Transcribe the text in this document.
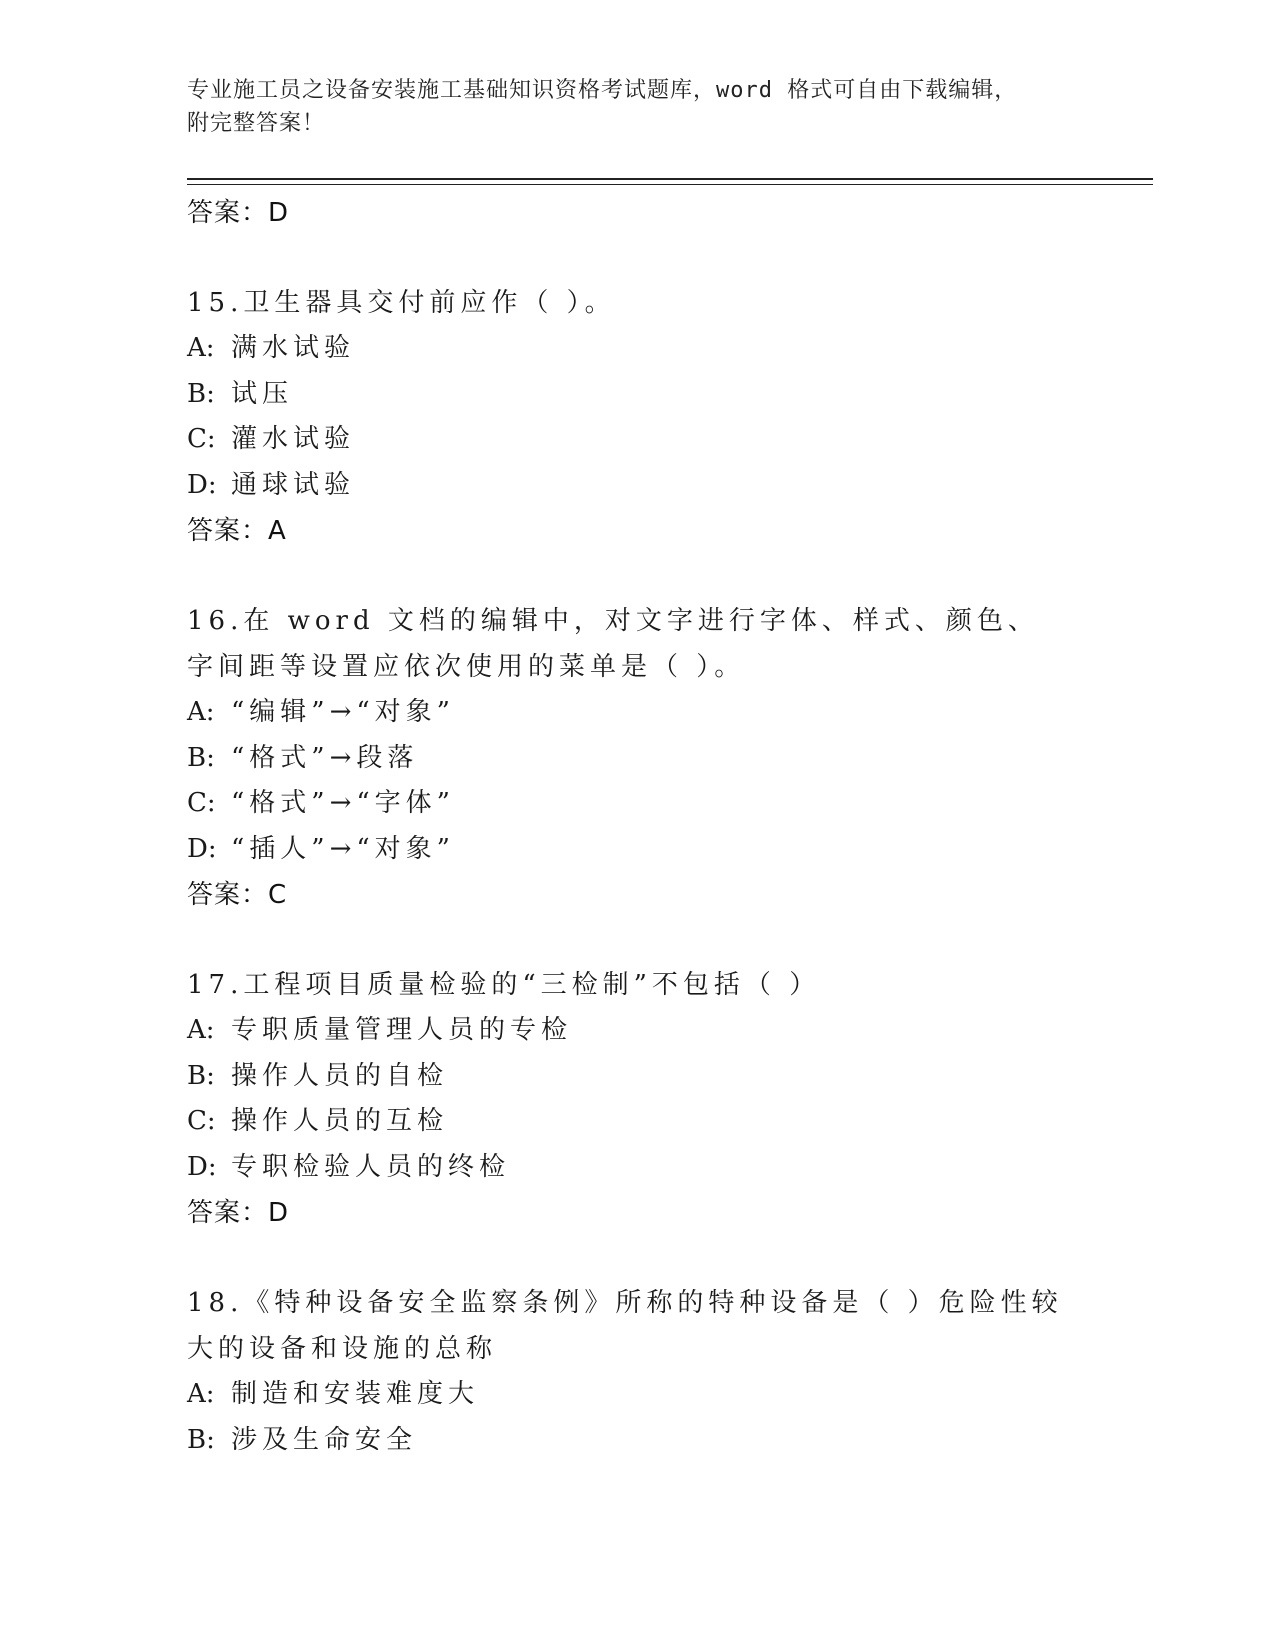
专业施工员之设备安装施工基础知识资格考试题库，word 格式可自由下载编辑，
附完整答案！
答案：D
15.卫生器具交付前应作（ ）。
A: 满水试验
B: 试压
C: 灌水试验
D: 通球试验
答案：A
16.在 word 文档的编辑中，对文字进行字体、样式、颜色、字间距等设置应依次使用的菜单是（ ）。
A: “编辑”→“对象”
B: “格式”→段落
C: “格式”→“字体”
D: “插人”→“对象”
答案：C
17.工程项目质量检验的“三检制”不包括（ ）
A: 专职质量管理人员的专检
B: 操作人员的自检
C: 操作人员的互检
D: 专职检验人员的终检
答案：D
18.《特种设备安全监察条例》所称的特种设备是（ ）危险性较大的设备和设施的总称
A: 制造和安装难度大
B: 涉及生命安全
